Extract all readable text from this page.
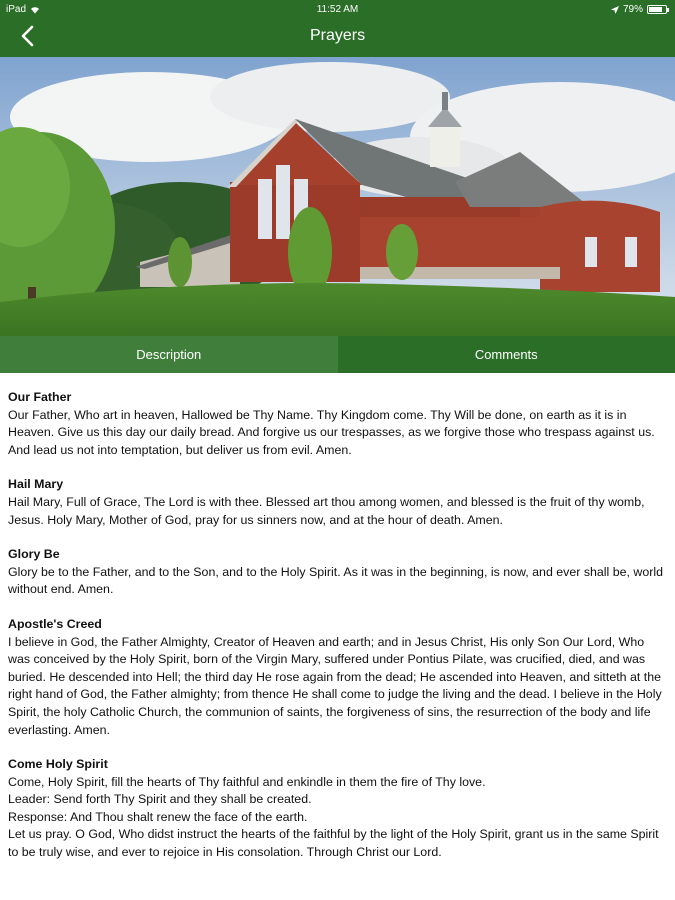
iPad	11:52 AM	79%
Prayers
Description	Comments
Our Father

Our Father, Who art in heaven, Hallowed be Thy Name. Thy Kingdom come. Thy Will be done, on earth as it is in Heaven. Give us this day our daily bread. And forgive us our trespasses, as we forgive those who trespass against us. And lead us not into temptation, but deliver us from evil. Amen.

Hail Mary

Hail Mary, Full of Grace, The Lord is with thee. Blessed art thou among women, and blessed is the fruit of thy womb, Jesus. Holy Mary, Mother of God, pray for us sinners now, and at the hour of death. Amen.

Glory Be

Glory be to the Father, and to the Son, and to the Holy Spirit. As it was in the beginning, is now, and ever shall be, world without end. Amen.

Apostle's Creed

I believe in God, the Father Almighty, Creator of Heaven and earth; and in Jesus Christ, His only Son Our Lord, Who was conceived by the Holy Spirit, born of the Virgin Mary, suffered under Pontius Pilate, was crucified, died, and was buried. He descended into Hell; the third day He rose again from the dead; He ascended into Heaven, and sitteth at the right hand of God, the Father almighty; from thence He shall come to judge the living and the dead. I believe in the Holy Spirit, the holy Catholic Church, the communion of saints, the forgiveness of sins, the resurrection of the body and life everlasting. Amen.

Come Holy Spirit

Come, Holy Spirit, fill the hearts of Thy faithful and enkindle in them the fire of Thy love.

Leader: Send forth Thy Spirit and they shall be created.

Response: And Thou shalt renew the face of the earth.

Let us pray. O God, Who didst instruct the hearts of the faithful by the light of the Holy Spirit, grant us in the same Spirit to be truly wise, and ever to rejoice in His consolation. Through Christ our Lord.
